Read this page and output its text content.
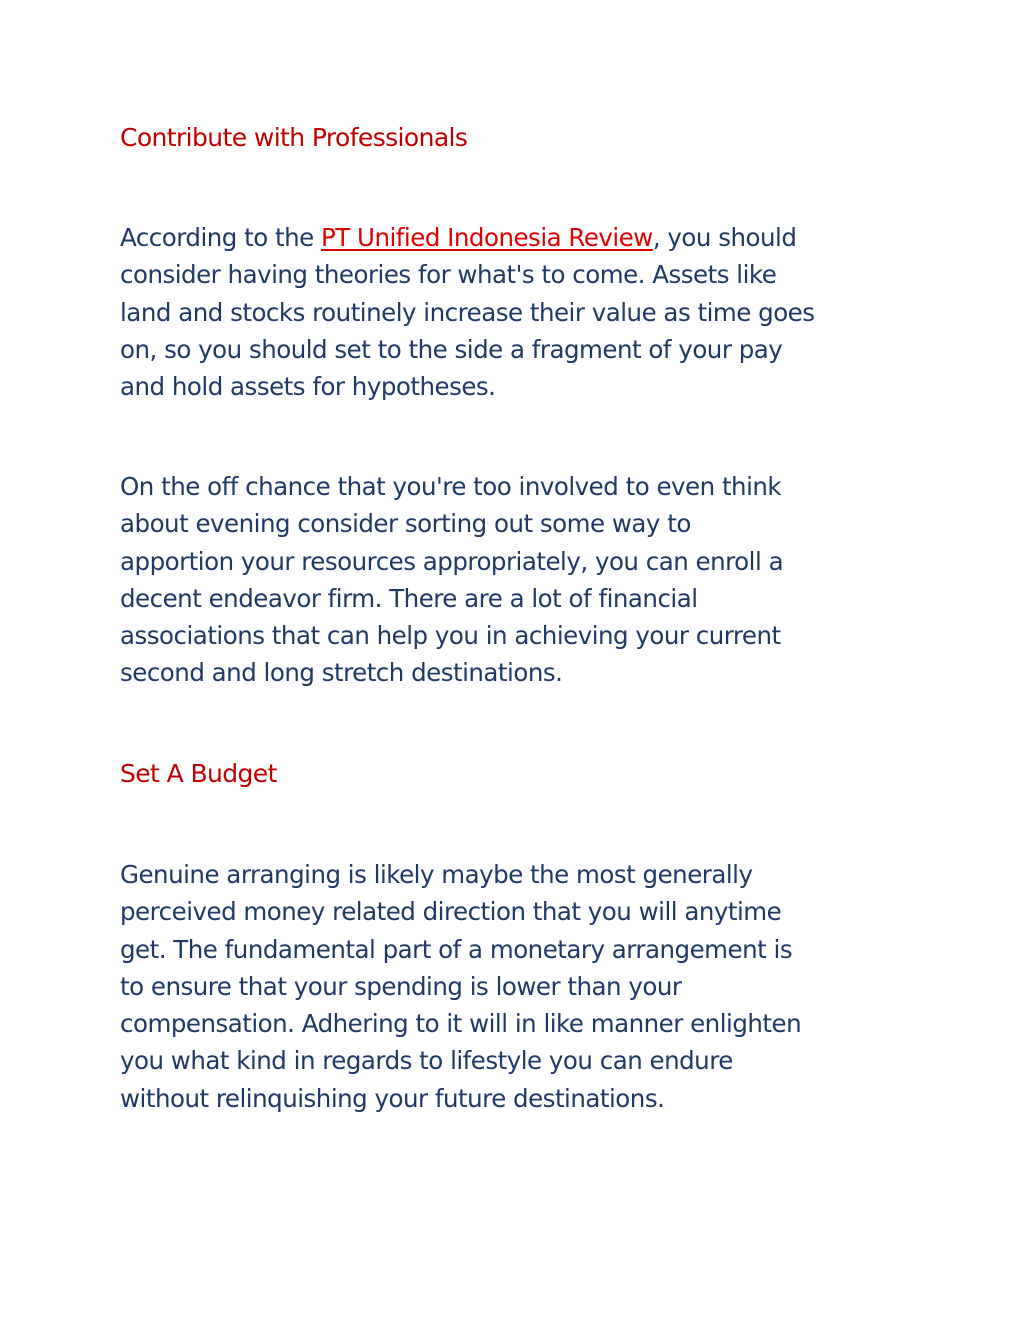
Contribute with Professionals

According to the PT Unified Indonesia Review, you should
consider having theories for what's to come. Assets like
land and stocks routinely increase their value as time goes
on, so you should set to the side a fragment of your pay
and hold assets for hypotheses.

On the off chance that you're too involved to even think
about evening consider sorting out some way to
apportion your resources appropriately, you can enroll a
decent endeavor firm. There are a lot of financial
associations that can help you in achieving your current
second and long stretch destinations.

Set A Budget

Genuine arranging is likely maybe the most generally
perceived money related direction that you will anytime
get. The fundamental part of a monetary arrangement is
to ensure that your spending is lower than your
compensation. Adhering to it will in like manner enlighten
you what kind in regards to lifestyle you can endure
without relinquishing your future destinations.
